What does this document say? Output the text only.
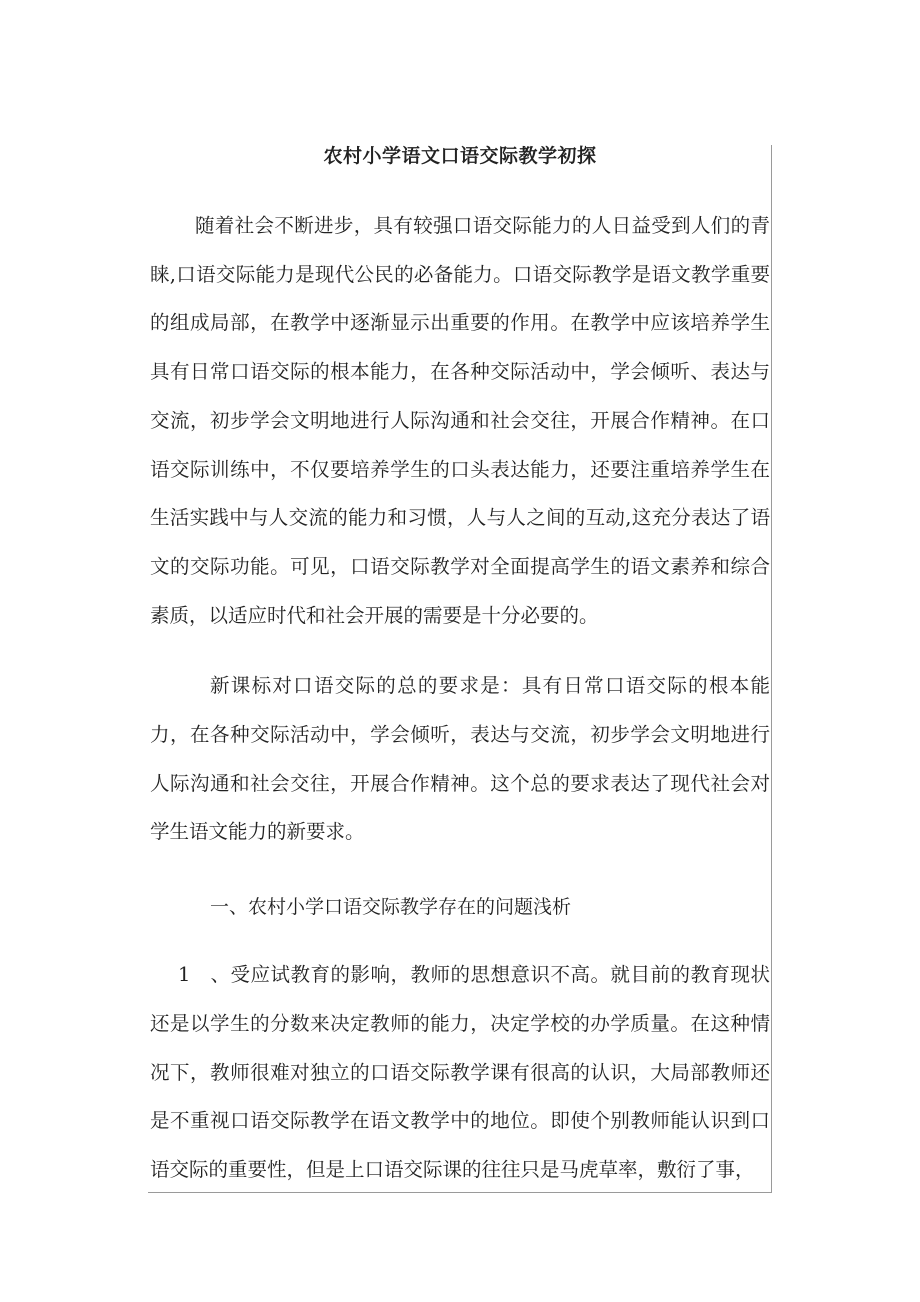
农村小学语文口语交际教学初探

随着社会不断进步，具有较强口语交际能力的人日益受到人们的青睐,口语交际能力是现代公民的必备能力。口语交际教学是语文教学重要的组成局部，在教学中逐渐显示出重要的作用。在教学中应该培养学生具有日常口语交际的根本能力，在各种交际活动中，学会倾听、表达与交流，初步学会文明地进行人际沟通和社会交往，开展合作精神。在口语交际训练中，不仅要培养学生的口头表达能力，还要注重培养学生在生活实践中与人交流的能力和习惯，人与人之间的互动,这充分表达了语文的交际功能。可见，口语交际教学对全面提高学生的语文素养和综合素质，以适应时代和社会开展的需要是十分必要的。

新课标对口语交际的总的要求是：具有日常口语交际的根本能力，在各种交际活动中，学会倾听，表达与交流，初步学会文明地进行人际沟通和社会交往，开展合作精神。这个总的要求表达了现代社会对学生语文能力的新要求。

一、农村小学口语交际教学存在的问题浅析

1 、受应试教育的影响，教师的思想意识不高。就目前的教育现状还是以学生的分数来决定教师的能力，决定学校的办学质量。在这种情况下，教师很难对独立的口语交际教学课有很高的认识，大局部教师还是不重视口语交际教学在语文教学中的地位。即使个别教师能认识到口语交际的重要性，但是上口语交际课的往往只是马虎草率，敷衍了事，
